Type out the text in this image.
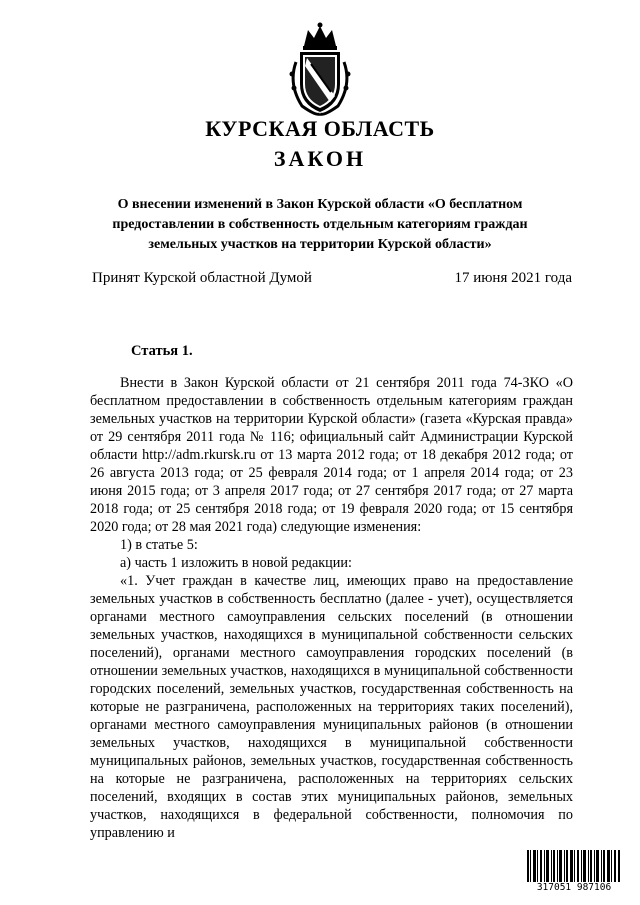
КУРСКАЯ ОБЛАСТЬ
ЗАКОН
О внесении изменений в Закон Курской области «О бесплатном
предоставлении в собственность отдельным категориям граждан
земельных участков на территории Курской области»
Принят Курской областной Думой	17 июня 2021 года
Статья 1.

Внести в Закон Курской области от 21 сентября 2011 года 74-ЗКО «О бесплатном предоставлении в собственность отдельным категориям граждан земельных участков на территории Курской области» (газета «Курская правда» от 29 сентября 2011 года № 116; официальный сайт Администрации Курской области http://adm.rkursk.ru от 13 марта 2012 года; от 18 декабря 2012 года; от 26 августа 2013 года; от 25 февраля 2014 года; от 1 апреля 2014 года; от 23 июня 2015 года; от 3 апреля 2017 года; от 27 сентября 2017 года; от 27 марта 2018 года; от 25 сентября 2018 года; от 19 февраля 2020 года; от 15 сентября 2020 года; от 28 мая 2021 года) следующие изменения:

1) в статье 5:

а) часть 1 изложить в новой редакции:

«1. Учет граждан в качестве лиц, имеющих право на предоставление земельных участков в собственность бесплатно (далее - учет), осуществляется органами местного самоуправления сельских поселений (в отношении земельных участков, находящихся в муниципальной собственности сельских поселений), органами местного самоуправления городских поселений (в отношении земельных участков, находящихся в муниципальной собственности городских поселений, земельных участков, государственная собственность на которые не разграничена, расположенных на территориях таких поселений), органами местного самоуправления муниципальных районов (в отношении земельных участков, находящихся в муниципальной собственности муниципальных районов, земельных участков, государственная собственность на которые не разграничена, расположенных на территориях сельских поселений, входящих в состав этих муниципальных районов, земельных участков, находящихся в федеральной собственности, полномочия по управлению и

317051 987106
